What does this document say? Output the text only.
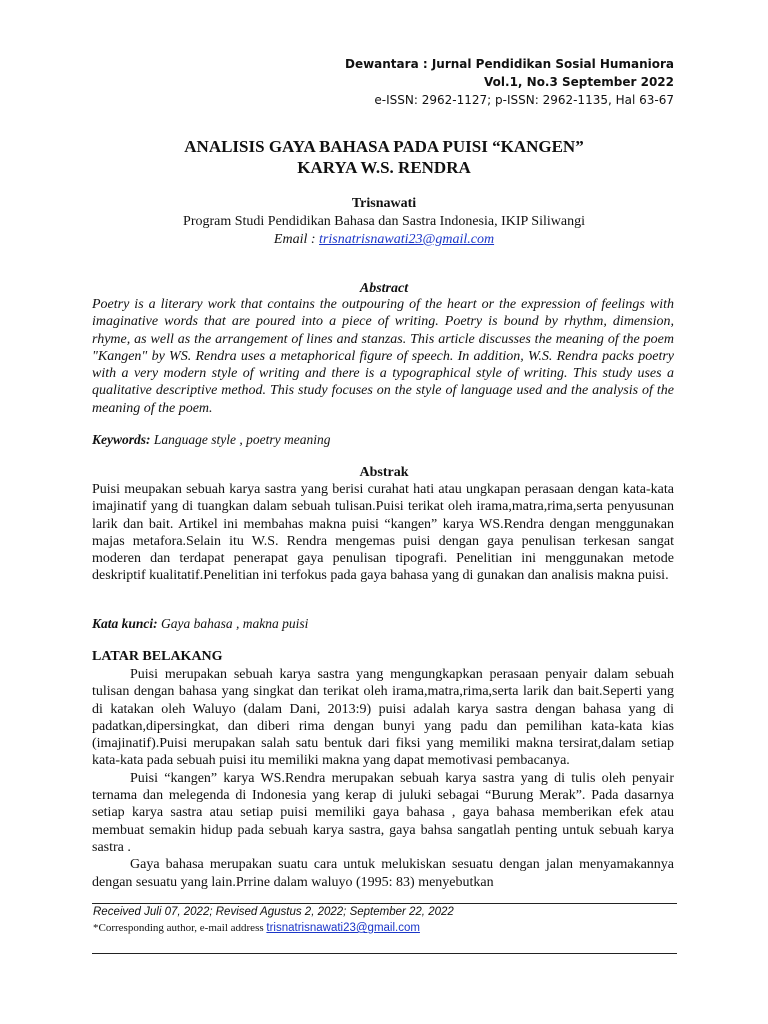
Dewantara : Jurnal Pendidikan Sosial Humaniora
Vol.1, No.3 September 2022
e-ISSN: 2962-1127; p-ISSN: 2962-1135, Hal 63-67
ANALISIS GAYA BAHASA PADA PUISI “KANGEN”
KARYA W.S. RENDRA
Trisnawati
Program Studi Pendidikan Bahasa dan Sastra Indonesia, IKIP Siliwangi
Email : trisnatrisnawati23@gmail.com
Abstract
Poetry is a literary work that contains the outpouring of the heart or the expression of feelings with imaginative words that are poured into a piece of writing. Poetry is bound by rhythm, dimension, rhyme, as well as the arrangement of lines and stanzas. This article discusses the meaning of the poem "Kangen" by WS. Rendra uses a metaphorical figure of speech. In addition, W.S. Rendra packs poetry with a very modern style of writing and there is a typographical style of writing. This study uses a qualitative descriptive method. This study focuses on the style of language used and the analysis of the meaning of the poem.
Keywords: Language style , poetry meaning
Abstrak
Puisi meupakan sebuah karya sastra yang berisi curahat hati atau ungkapan perasaan dengan kata-kata imajinatif yang di tuangkan dalam sebuah tulisan.Puisi terikat oleh irama,matra,rima,serta penyusunan larik dan bait. Artikel ini membahas makna puisi “kangen” karya WS.Rendra dengan menggunakan majas metafora.Selain itu W.S. Rendra mengemas puisi dengan gaya penulisan terkesan sangat moderen dan terdapat penerapat gaya penulisan tipografi. Penelitian ini menggunakan metode deskriptif kualitatif.Penelitian ini terfokus pada gaya bahasa yang di gunakan dan analisis makna puisi.
Kata kunci: Gaya bahasa , makna puisi
LATAR BELAKANG

Puisi merupakan sebuah karya sastra yang mengungkapkan perasaan penyair dalam sebuah tulisan dengan bahasa yang singkat dan terikat oleh irama,matra,rima,serta larik dan bait.Seperti yang di katakan oleh Waluyo (dalam Dani, 2013:9) puisi adalah karya sastra dengan bahasa yang di padatkan,dipersingkat, dan diberi rima dengan bunyi yang padu dan pemilihan kata-kata kias (imajinatif).Puisi merupakan salah satu bentuk dari fiksi yang memiliki makna tersirat,dalam setiap kata-kata pada sebuah puisi itu memiliki makna yang dapat memotivasi pembacanya.

Puisi “kangen” karya WS.Rendra merupakan sebuah karya sastra yang di tulis oleh penyair ternama dan melegenda di Indonesia yang kerap di juluki sebagai “Burung Merak”. Pada dasarnya setiap karya sastra atau setiap puisi memiliki gaya bahasa , gaya bahasa memberikan efek atau membuat semakin hidup pada sebuah karya sastra, gaya bahsa sangatlah penting untuk sebuah karya sastra .

Gaya bahasa merupakan suatu cara untuk melukiskan sesuatu dengan jalan menyamakannya dengan sesuatu yang lain.Prrine dalam waluyo (1995: 83) menyebutkan

Received Juli 07, 2022; Revised Agustus 2, 2022; September 22, 2022
*Corresponding author, e-mail address trisnatrisnawati23@gmail.com
